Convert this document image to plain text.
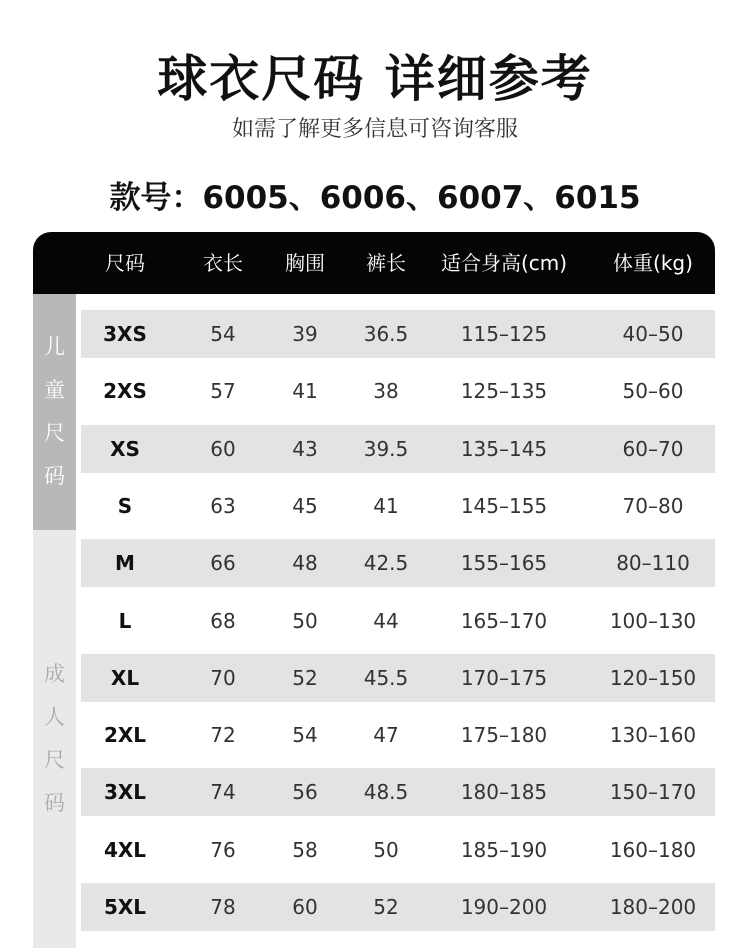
球衣尺码 详细参考
如需了解更多信息可咨询客服
款号：6005、6006、6007、6015
尺码	衣长	胸围	裤长	适合身高(cm)	体重(kg)
儿
童
尺
码
成
人
尺
码
3XS	54	39	36.5	115–125	40–50
2XS	57	41	38	125–135	50–60
XS	60	43	39.5	135–145	60–70
S	63	45	41	145–155	70–80
M	66	48	42.5	155–165	80–110
L	68	50	44	165–170	100–130
XL	70	52	45.5	170–175	120–150
2XL	72	54	47	175–180	130–160
3XL	74	56	48.5	180–185	150–170
4XL	76	58	50	185–190	160–180
5XL	78	60	52	190–200	180–200
